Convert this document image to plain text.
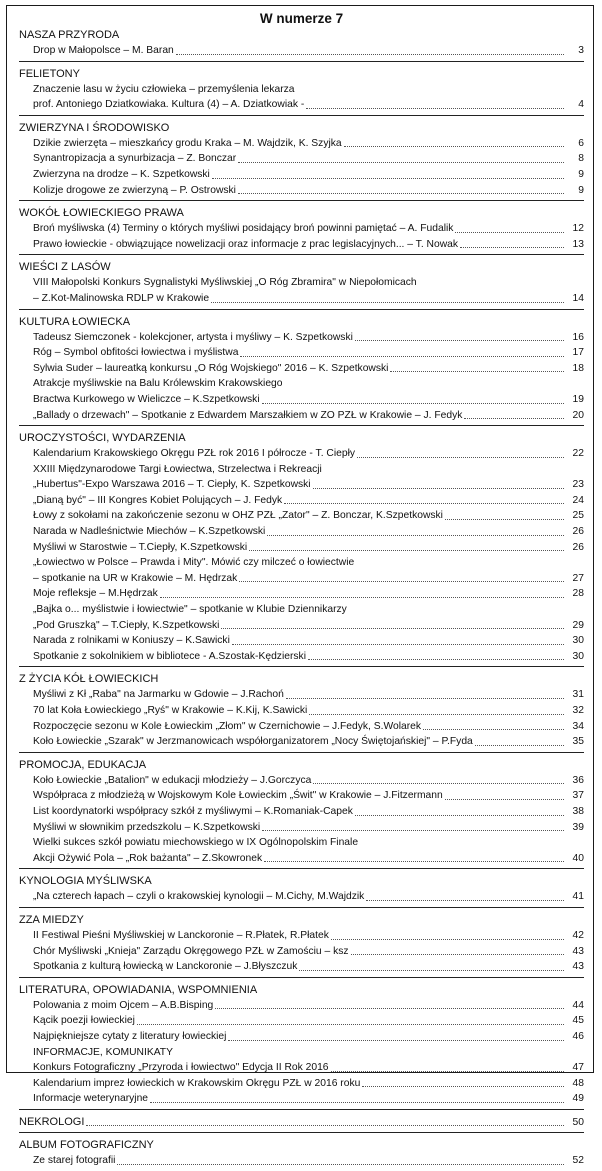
W numerze 7
NASZA PRZYRODA
Drop w Małopolsce – M. Baran	3
FELIETONY
Znaczenie lasu w życiu człowieka – przemyślenia lekarza
prof. Antoniego Dziatkowiaka. Kultura (4) – A. Dziatkowiak -	4
ZWIERZYNA I ŚRODOWISKO
Dzikie zwierzęta – mieszkańcy grodu Kraka – M. Wajdzik, K. Szyjka	6
Synantropizacja a synurbizacja – Z. Bonczar	8
Zwierzyna na drodze – K. Szpetkowski	9
Kolizje drogowe ze zwierzyną – P. Ostrowski	9
WOKÓŁ ŁOWIECKIEGO PRAWA
Broń myśliwska (4) Terminy o których myśliwi posidający broń powinni pamiętać – A. Fudalik	12
Prawo łowieckie - obwiązujące nowelizacji oraz informacje z prac legislacyjnych... – T. Nowak	13
WIEŚCI Z LASÓW
VIII Małopolski Konkurs Sygnalistyki Myśliwskiej „O Róg Zbramira" w Niepołomicach
– Z.Kot-Malinowska RDLP w Krakowie	14
KULTURA ŁOWIECKA
Tadeusz Siemczonek - kolekcjoner, artysta i myśliwy – K. Szpetkowski	16
Róg – Symbol obfitości łowiectwa i myślistwa	17
Sylwia Suder – laureatką konkursu „O Róg Wojskiego" 2016 – K. Szpetkowski	18
Atrakcje myśliwskie na Balu Królewskim Krakowskiego
Bractwa Kurkowego w Wieliczce – K.Szpetkowski	19
„Ballady o drzewach" – Spotkanie z Edwardem Marszałkiem w ZO PZŁ w Krakowie – J. Fedyk	20
UROCZYSTOŚCI, WYDARZENIA
Kalendarium Krakowskiego Okręgu PZŁ rok 2016 I półrocze - T. Ciepły	22
XXIII Międzynarodowe Targi Łowiectwa, Strzelectwa i Rekreacji
„Hubertus"-Expo Warszawa 2016 – T. Ciepły, K. Szpetkowski	23
„Dianą być" – III Kongres Kobiet Polujących – J. Fedyk	24
Łowy z sokołami na zakończenie sezonu w OHZ PZŁ „Zator" – Z. Bonczar, K.Szpetkowski	25
Narada w Nadleśnictwie Miechów – K.Szpetkowski	26
Myśliwi w Starostwie – T.Ciepły, K.Szpetkowski	26
„Łowiectwo w Polsce – Prawda i Mity". Mówić czy milczeć o łowiectwie
– spotkanie na UR w Krakowie – M. Hędrzak	27
Moje refleksje – M.Hędrzak	28
„Bajka o... myślistwie i łowiectwie" – spotkanie w Klubie Dziennikarzy
„Pod Gruszką" – T.Ciepły, K.Szpetkowski	29
Narada z rolnikami w Koniuszy – K.Sawicki	30
Spotkanie z sokolnikiem w bibliotece - A.Szostak-Kędzierski	30
Z ŻYCIA KÓŁ ŁOWIECKICH
Myśliwi z Kł „Raba" na Jarmarku w Gdowie – J.Rachoń	31
70 lat Koła Łowieckiego „Ryś" w Krakowie – K.Kij, K.Sawicki	32
Rozpoczęcie sezonu w Kole Łowieckim „Złom" w Czernichowie – J.Fedyk, S.Wolarek	34
Koło Łowieckie „Szarak" w Jerzmanowicach współorganizatorem „Nocy Świętojańskiej" – P.Fyda	35
PROMOCJA, EDUKACJA
Koło Łowieckie „Batalion" w edukacji młodzieży – J.Gorczyca	36
Współpraca z młodzieżą w Wojskowym Kole Łowieckim „Świt" w Krakowie – J.Fitzermann	37
List koordynatorki współpracy szkół z myśliwymi – K.Romaniak-Capek	38
Myśliwi w słownikim przedszkolu – K.Szpetkowski	39
Wielki sukces szkół powiatu miechowskiego w IX Ogólnopolskim Finale
Akcji Ożywić Pola – „Rok bażanta" – Z.Skowronek	40
KYNOLOGIA MYŚLIWSKA
„Na czterech łapach – czyli o krakowskiej kynologii – M.Cichy, M.Wajdzik	41
ZZA MIEDZY
II Festiwal Pieśni Myśliwskiej w Lanckoronie – R.Płatek, R.Płatek	42
Chór Myśliwski „Knieja" Zarządu Okręgowego PZŁ w Zamościu – ksz	43
Spotkania z kulturą łowiecką w Lanckoronie – J.Błyszczuk	43
LITERATURA, OPOWIADANIA, WSPOMNIENIA
Polowania z moim Ojcem – A.B.Bisping	44
Kącik poezji łowieckiej	45
Najpiękniejsze cytaty z literatury łowieckiej	46
INFORMACJE, KOMUNIKATY
Konkurs Fotograficzny „Przyroda i łowiectwo" Edycja II Rok 2016	47
Kalendarium imprez łowieckich w Krakowskim Okręgu PZŁ w 2016 roku	48
Informacje weterynaryjne	49
NEKROLOGI	50
ALBUM FOTOGRAFICZNY
Ze starej fotografii	52
